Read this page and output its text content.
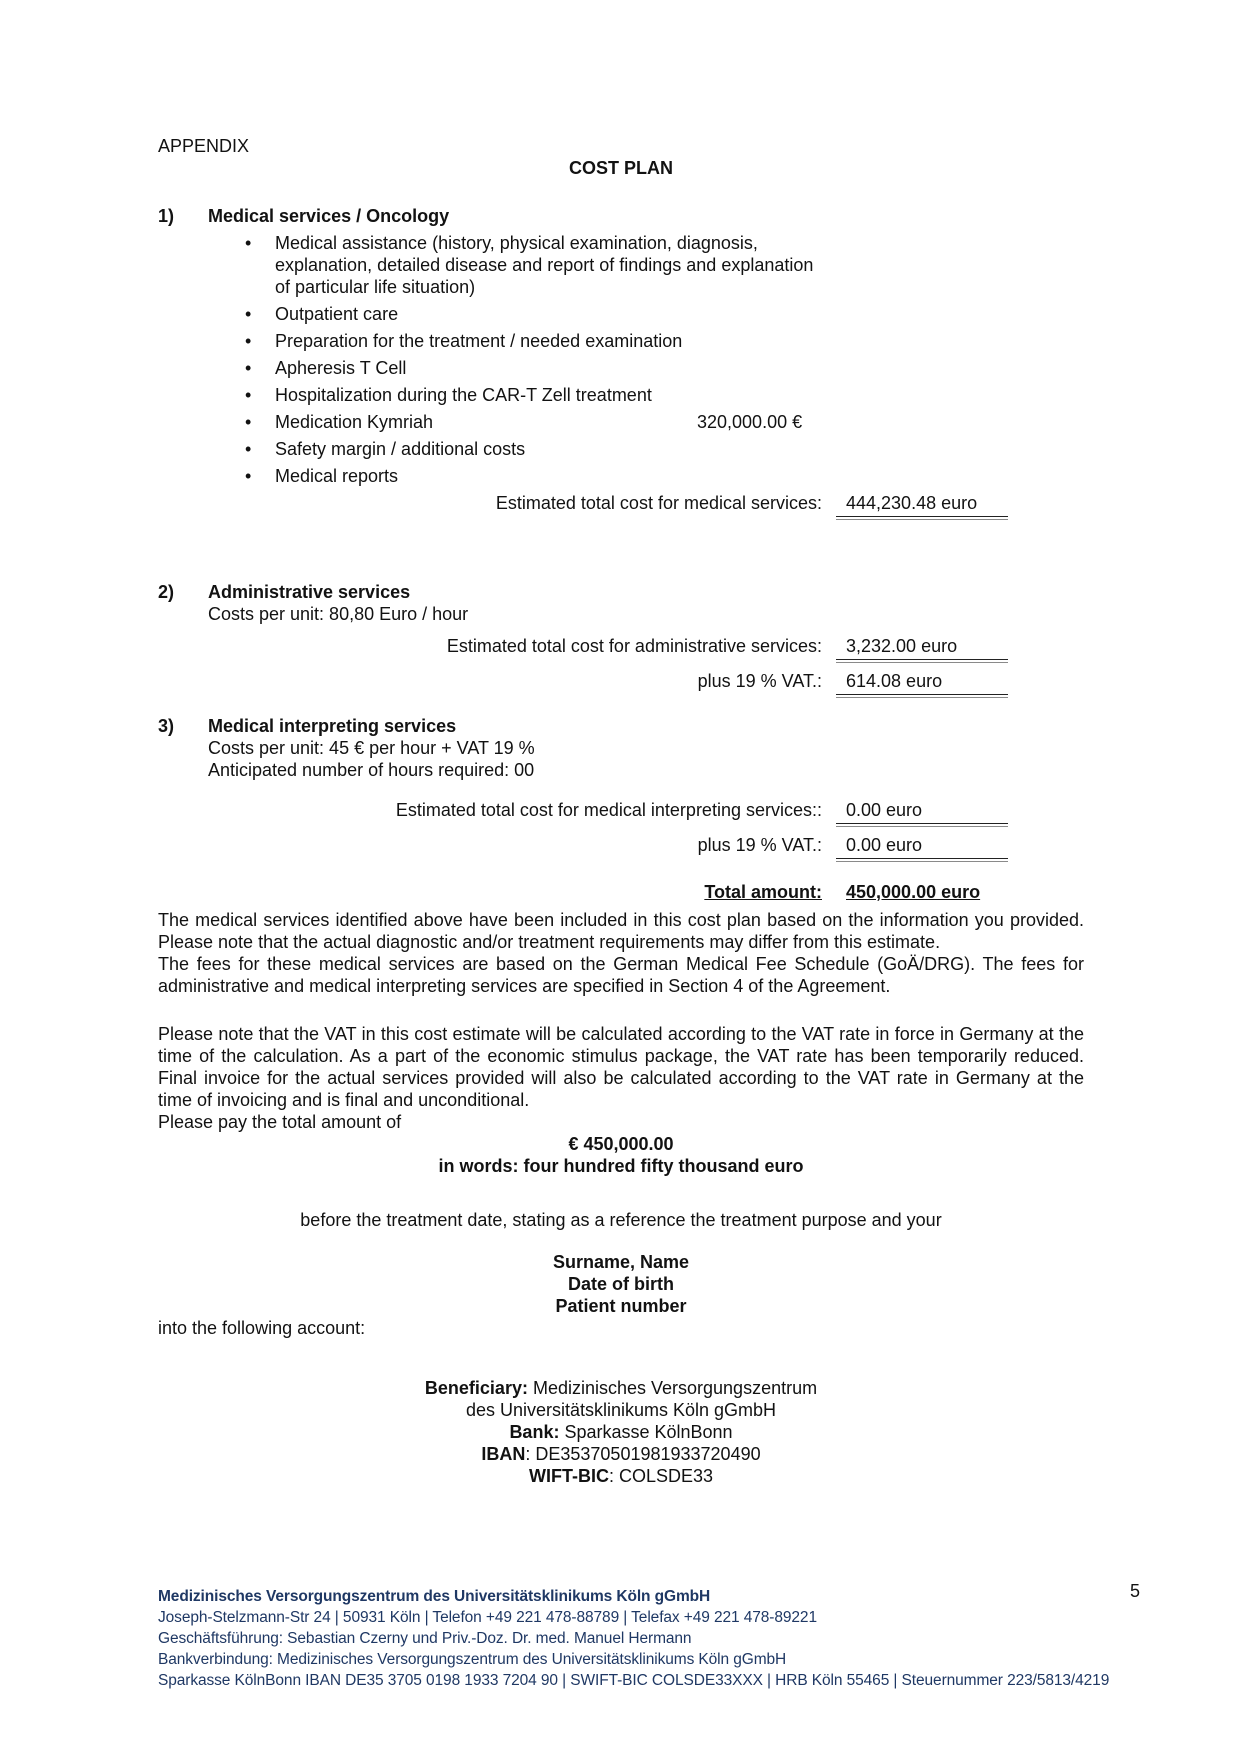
APPENDIX
COST PLAN
1)	Medical services / Oncology
• Medical assistance (history, physical examination, diagnosis, explanation, detailed disease and report of findings and explanation of particular life situation)
• Outpatient care
• Preparation for the treatment / needed examination
• Apheresis T Cell
• Hospitalization during the CAR-T Zell treatment
• Medication Kymriah	320,000.00 €
• Safety margin / additional costs
• Medical reports
Estimated total cost for medical services:	444,230.48 euro
2)	Administrative services
Costs per unit: 80,80 Euro / hour
Estimated total cost for administrative services:	3,232.00 euro
plus 19 % VAT.:	614.08 euro
3)	Medical interpreting services
Costs per unit: 45 € per hour + VAT 19 %
Anticipated number of hours required: 00
Estimated total cost for medical interpreting services::	0.00 euro
plus 19 % VAT.:	0.00 euro
Total amount:	450,000.00 euro

The medical services identified above have been included in this cost plan based on the information you provided. Please note that the actual diagnostic and/or treatment requirements may differ from this estimate.

The fees for these medical services are based on the German Medical Fee Schedule (GoÄ/DRG). The fees for administrative and medical interpreting services are specified in Section 4 of the Agreement.

Please note that the VAT in this cost estimate will be calculated according to the VAT rate in force in Germany at the time of the calculation. As a part of the economic stimulus package, the VAT rate has been temporarily reduced. Final invoice for the actual services provided will also be calculated according to the VAT rate in Germany at the time of invoicing and is final and unconditional.

Please pay the total amount of
€ 450,000.00
in words: four hundred fifty thousand euro
before the treatment date, stating as a reference the treatment purpose and your
Surname, Name
Date of birth
Patient number
into the following account:
Beneficiary: Medizinisches Versorgungszentrum
des Universitätsklinikums Köln gGmbH
Bank: Sparkasse KölnBonn
IBAN: DE35370501981933720490
WIFT-BIC: COLSDE33
Medizinisches Versorgungszentrum des Universitätsklinikums Köln gGmbH
Joseph-Stelzmann-Str 24 | 50931 Köln | Telefon +49 221 478-88789 | Telefax +49 221 478-89221
Geschäftsführung: Sebastian Czerny und Priv.-Doz. Dr. med. Manuel Hermann
Bankverbindung: Medizinisches Versorgungszentrum des Universitätsklinikums Köln gGmbH
Sparkasse KölnBonn IBAN DE35 3705 0198 1933 7204 90 | SWIFT-BIC COLSDE33XXX | HRB Köln 55465 | Steuernummer 223/5813/4219
5
